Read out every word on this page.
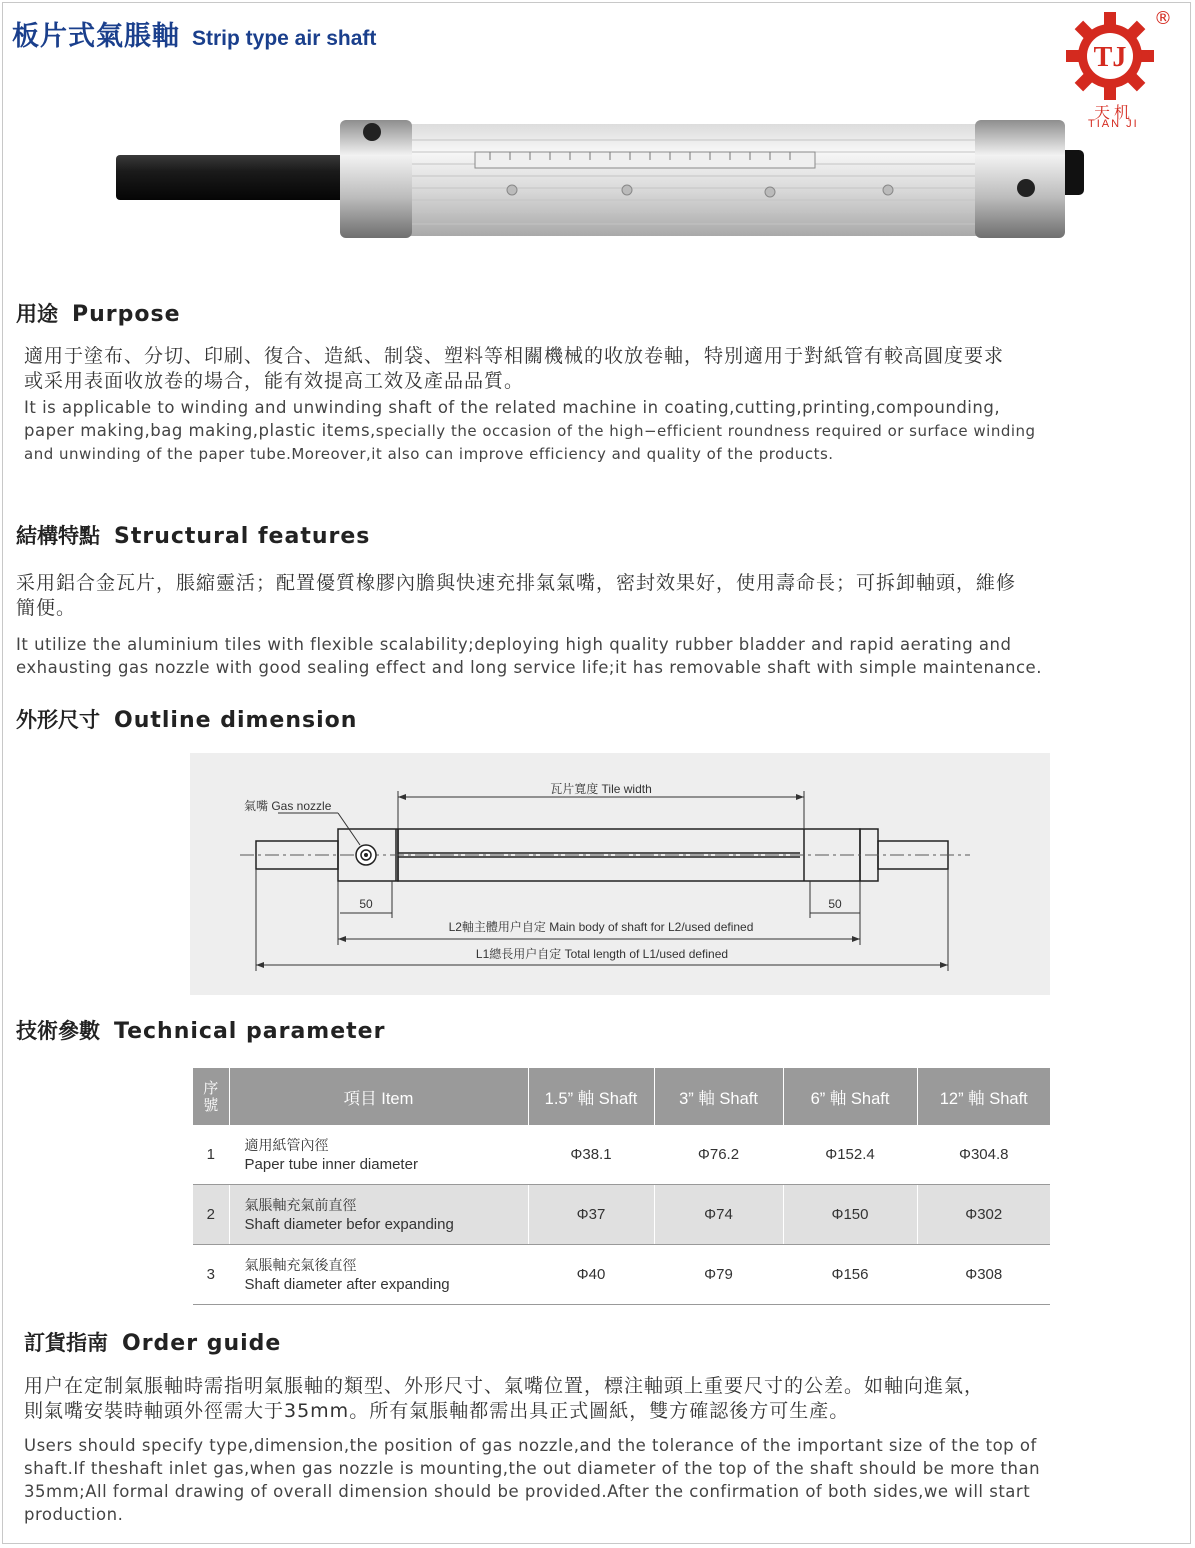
板片式氣脹軸 Strip type air shaft
TJ
®
天机
TIAN JI
用途 Purpose
適用于塗布、分切、印刷、復合、造紙、制袋、塑料等相關機械的收放卷軸，特別適用于對紙管有較高圓度要求
或采用表面收放卷的場合，能有效提高工效及產品品質。
It is applicable to winding and unwinding shaft of the related machine in coating,cutting,printing,compounding,
paper making,bag making,plastic items,specially the occasion of the high−efficient roundness required or surface winding
and unwinding of the paper tube.Moreover,it also can improve efficiency and quality of the products.
結構特點 Structural features
采用鋁合金瓦片，脹縮靈活；配置優質橡膠內膽與快速充排氣氣嘴，密封效果好，使用壽命長；可拆卸軸頭，維修
簡便。
It utilize the aluminium tiles with flexible scalability;deploying high quality rubber bladder and rapid aerating and
exhausting gas nozzle with good sealing effect and long service life;it has removable shaft with simple maintenance.
外形尺寸 Outline dimension
氣嘴 Gas nozzle
瓦片寬度 Tile width
50	50
L2軸主體用户自定 Main body of shaft for L2/used defined
L1總長用户自定 Total length of L1/used defined
技術參數 Technical parameter
序號	項目 Item	1.5” 軸 Shaft	3” 軸 Shaft	6” 軸 Shaft	12” 軸 Shaft
1	適用紙管內徑
Paper tube inner diameter	Φ38.1	Φ76.2	Φ152.4	Φ304.8
2	氣脹軸充氣前直徑
Shaft diameter befor expanding	Φ37	Φ74	Φ150	Φ302
3	氣脹軸充氣後直徑
Shaft diameter after expanding	Φ40	Φ79	Φ156	Φ308
訂貨指南 Order guide
用户在定制氣脹軸時需指明氣脹軸的類型、外形尺寸、氣嘴位置，標注軸頭上重要尺寸的公差。如軸向進氣，
則氣嘴安裝時軸頭外徑需大于35mm。所有氣脹軸都需出具正式圖紙，雙方確認後方可生產。
Users should specify type,dimension,the position of gas nozzle,and the tolerance of the important size of the top of
shaft.If theshaft inlet gas,when gas nozzle is mounting,the out diameter of the top of the shaft should be more than
35mm;All formal drawing of overall dimension should be provided.After the confirmation of both sides,we will start
production.
